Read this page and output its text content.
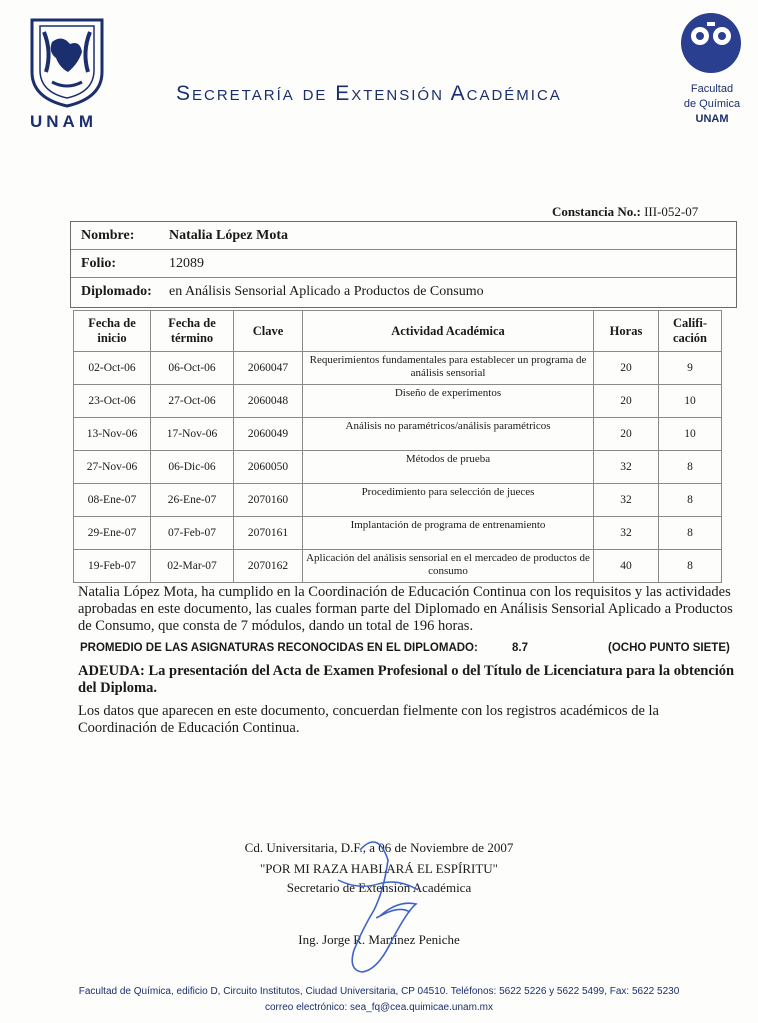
UNAM
Secretaría de Extensión Académica	Facultad
de Química
UNAM
Constancia No.: III-052-07
Nombre: Natalia López Mota
Folio:	12089
Diplomado: en Análisis Sensorial Aplicado a Productos de Consumo
Fecha de inicio	Fecha de término	Clave	Actividad Académica	Horas	Califi-cación
02-Oct-06	06-Oct-06	2060047	Requerimientos fundamentales para establecer un programa de análisis sensorial	20	9
23-Oct-06	27-Oct-06	2060048	Diseño de experimentos	20	10
13-Nov-06	17-Nov-06	2060049	Análisis no paramétricos/análisis paramétricos	20	10
27-Nov-06	06-Dic-06	2060050	Métodos de prueba	32	8
08-Ene-07	26-Ene-07	2070160	Procedimiento para selección de jueces	32	8
29-Ene-07	07-Feb-07	2070161	Implantación de programa de entrenamiento	32	8
19-Feb-07	02-Mar-07	2070162	Aplicación del análisis sensorial en el mercadeo de productos de consumo	40	8
Natalia López Mota, ha cumplido en la Coordinación de Educación Continua con los requisitos y las actividades aprobadas en este documento, las cuales forman parte del Diplomado en Análisis Sensorial Aplicado a Productos de Consumo, que consta de 7 módulos, dando un total de 196 horas.
PROMEDIO DE LAS ASIGNATURAS RECONOCIDAS EN EL DIPLOMADO:	8.7	(OCHO PUNTO SIETE)
ADEUDA: La presentación del Acta de Examen Profesional o del Título de Licenciatura para la obtención del Diploma.
Los datos que aparecen en este documento, concuerdan fielmente con los registros académicos de la Coordinación de Educación Continua.
Cd. Universitaria, D.F., a 06 de Noviembre de 2007
"POR MI RAZA HABLARÁ EL ESPÍRITU"
Secretario de Extensión Académica
Ing. Jorge R. Martínez Peniche
Facultad de Química, edificio D, Circuito Institutos, Ciudad Universitaria, CP 04510. Teléfonos: 5622 5226 y 5622 5499, Fax: 5622 5230
correo electrónico: sea_fq@cea.quimicae.unam.mx
